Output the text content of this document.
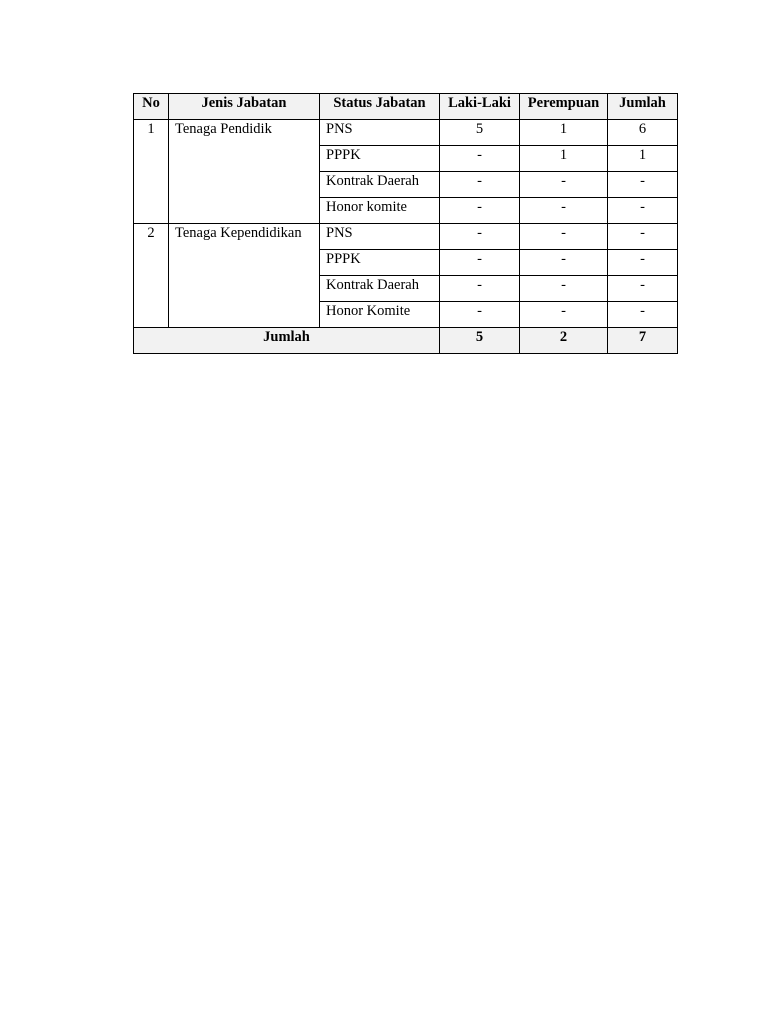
No	Jenis Jabatan	Status Jabatan	Laki-Laki	Perempuan	Jumlah
1	Tenaga Pendidik	PNS	5	1	6
		PPPK	-	1	1
		Kontrak Daerah	-	-	-
		Honor komite	-	-	-
2	Tenaga Kependidikan	PNS	-	-	-
		PPPK	-	-	-
		Kontrak Daerah	-	-	-
		Honor Komite	-	-	-
Jumlah			5	2	7
